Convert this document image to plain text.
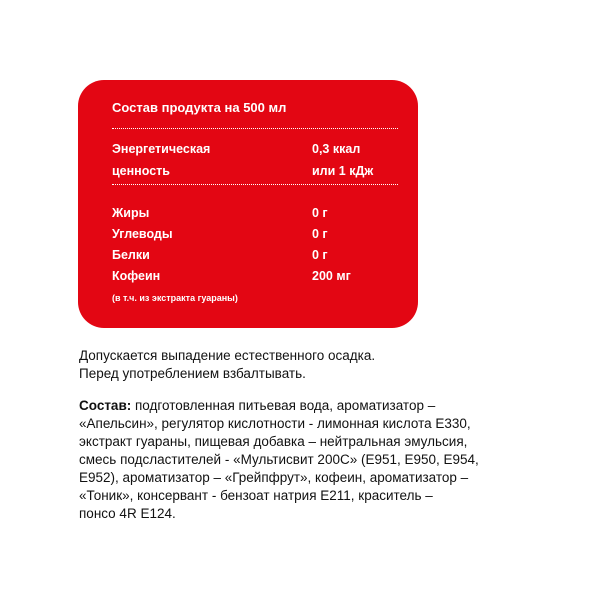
Состав продукта на 500 мл
Энергетическая	0,3 ккал
ценность	или 1 кДж
Жиры	0 г
Углеводы	0 г
Белки	0 г
Кофеин	200 мг
(в т.ч. из экстракта гуараны)
Допускается выпадение естественного осадка.
Перед употреблением взбалтывать.
Состав: подготовленная питьевая вода, ароматизатор –
«Апельсин», регулятор кислотности - лимонная кислота Е330,
экстракт гуараны, пищевая добавка – нейтральная эмульсия,
смесь подсластителей - «Мультисвит 200С» (Е951, Е950, Е954,
Е952), ароматизатор – «Грейпфрут», кофеин, ароматизатор –
«Тоник», консервант - бензоат натрия Е211, краситель –
понсо 4R Е124.
